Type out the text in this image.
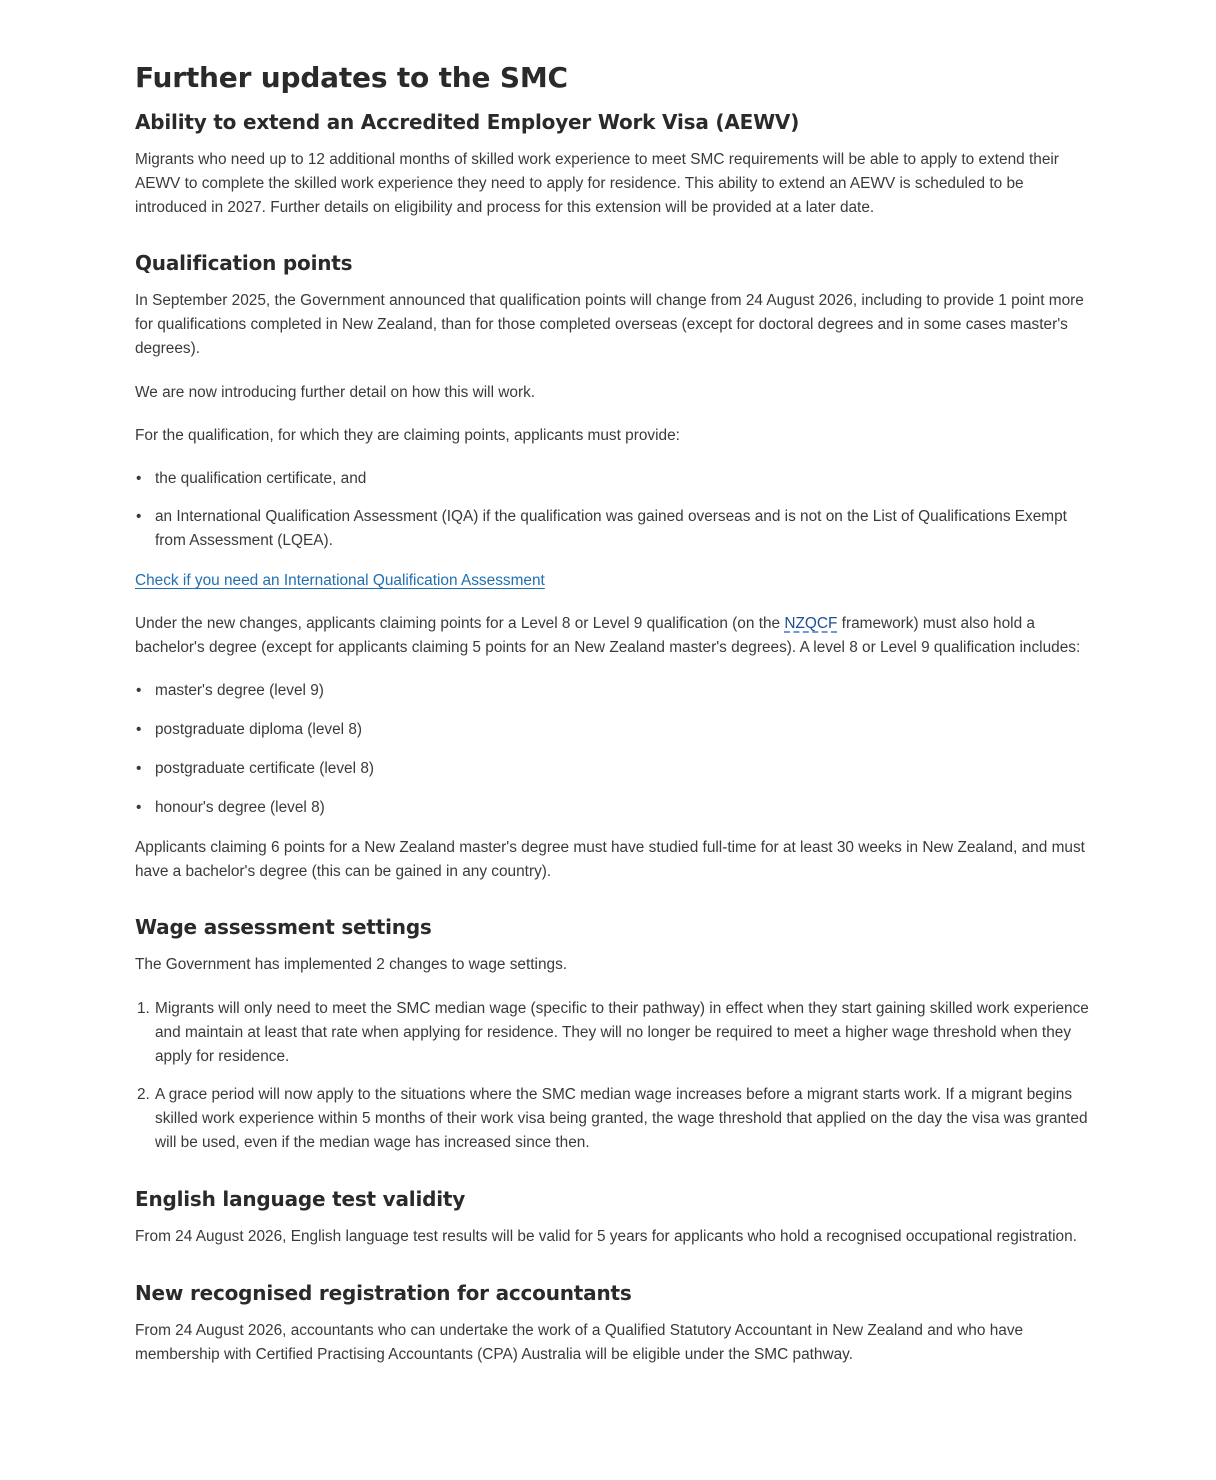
Further updates to the SMC
Ability to extend an Accredited Employer Work Visa (AEWV)

Migrants who need up to 12 additional months of skilled work experience to meet SMC requirements will be able to apply to extend their AEWV to complete the skilled work experience they need to apply for residence. This ability to extend an AEWV is scheduled to be introduced in 2027. Further details on eligibility and process for this extension will be provided at a later date.

Qualification points

In September 2025, the Government announced that qualification points will change from 24 August 2026, including to provide 1 point more for qualifications completed in New Zealand, than for those completed overseas (except for doctoral degrees and in some cases master's degrees).

We are now introducing further detail on how this will work.

For the qualification, for which they are claiming points, applicants must provide:

• the qualification certificate, and
• an International Qualification Assessment (IQA) if the qualification was gained overseas and is not on the List of Qualifications Exempt from Assessment (LQEA).

Check if you need an International Qualification Assessment

Under the new changes, applicants claiming points for a Level 8 or Level 9 qualification (on the NZQCF framework) must also hold a bachelor's degree (except for applicants claiming 5 points for an New Zealand master's degrees). A level 8 or Level 9 qualification includes:

• master's degree (level 9)
• postgraduate diploma (level 8)
• postgraduate certificate (level 8)
• honour's degree (level 8)

Applicants claiming 6 points for a New Zealand master's degree must have studied full-time for at least 30 weeks in New Zealand, and must have a bachelor's degree (this can be gained in any country).

Wage assessment settings

The Government has implemented 2 changes to wage settings.

1. Migrants will only need to meet the SMC median wage (specific to their pathway) in effect when they start gaining skilled work experience and maintain at least that rate when applying for residence. They will no longer be required to meet a higher wage threshold when they apply for residence.
2. A grace period will now apply to the situations where the SMC median wage increases before a migrant starts work. If a migrant begins skilled work experience within 5 months of their work visa being granted, the wage threshold that applied on the day the visa was granted will be used, even if the median wage has increased since then.
English language test validity

From 24 August 2026, English language test results will be valid for 5 years for applicants who hold a recognised occupational registration.

New recognised registration for accountants

From 24 August 2026, accountants who can undertake the work of a Qualified Statutory Accountant in New Zealand and who have membership with Certified Practising Accountants (CPA) Australia will be eligible under the SMC pathway.
